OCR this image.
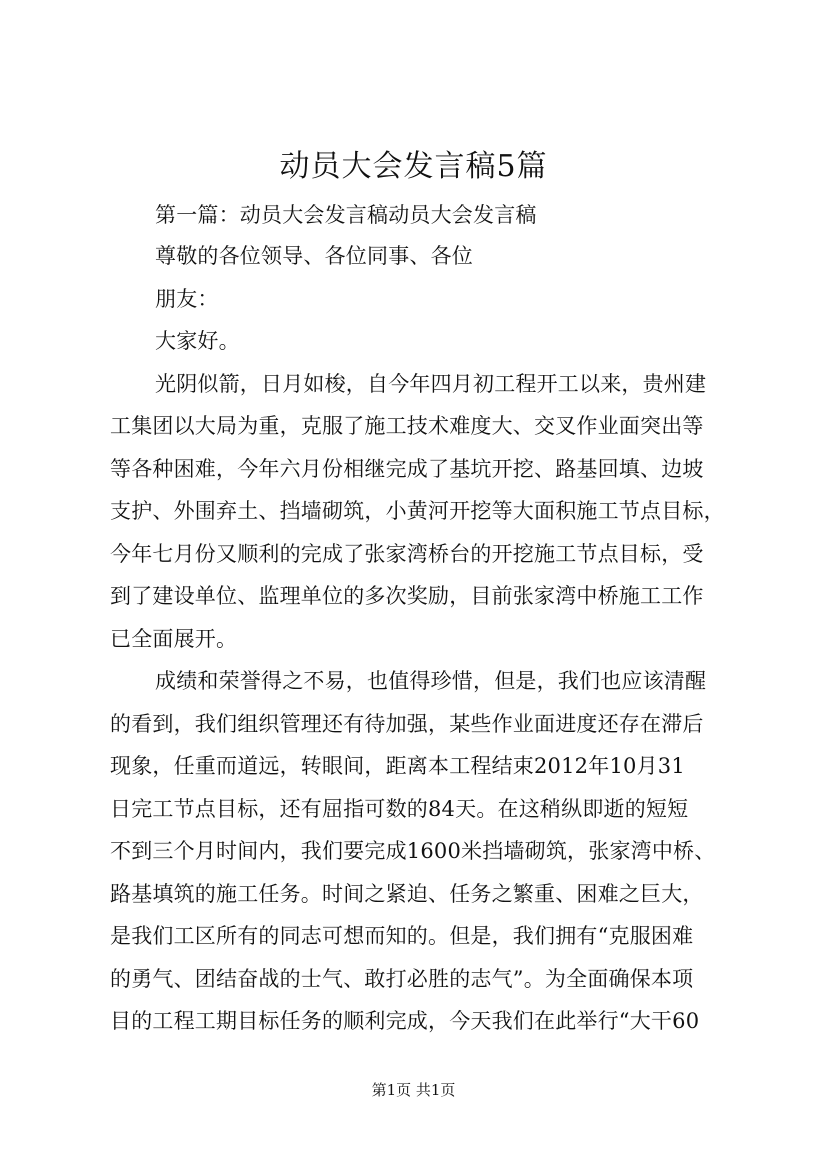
动员大会发言稿5篇
第一篇：动员大会发言稿动员大会发言稿
尊敬的各位领导、各位同事、各位
朋友：
大家好。
光阴似箭，日月如梭，自今年四月初工程开工以来，贵州建
工集团以大局为重，克服了施工技术难度大、交叉作业面突出等
等各种困难，今年六月份相继完成了基坑开挖、路基回填、边坡
支护、外围弃土、挡墙砌筑，小黄河开挖等大面积施工节点目标，
今年七月份又顺利的完成了张家湾桥台的开挖施工节点目标，受
到了建设单位、监理单位的多次奖励，目前张家湾中桥施工工作
已全面展开。
成绩和荣誉得之不易，也值得珍惜，但是，我们也应该清醒
的看到，我们组织管理还有待加强，某些作业面进度还存在滞后
现象，任重而道远，转眼间，距离本工程结束2012年10月31
日完工节点目标，还有屈指可数的84天。在这稍纵即逝的短短
不到三个月时间内，我们要完成1600米挡墙砌筑，张家湾中桥、
路基填筑的施工任务。时间之紧迫、任务之繁重、困难之巨大，
是我们工区所有的同志可想而知的。但是，我们拥有“克服困难
的勇气、团结奋战的士气、敢打必胜的志气”。为全面确保本项
目的工程工期目标任务的顺利完成，今天我们在此举行“大干60
第1页 共1页
